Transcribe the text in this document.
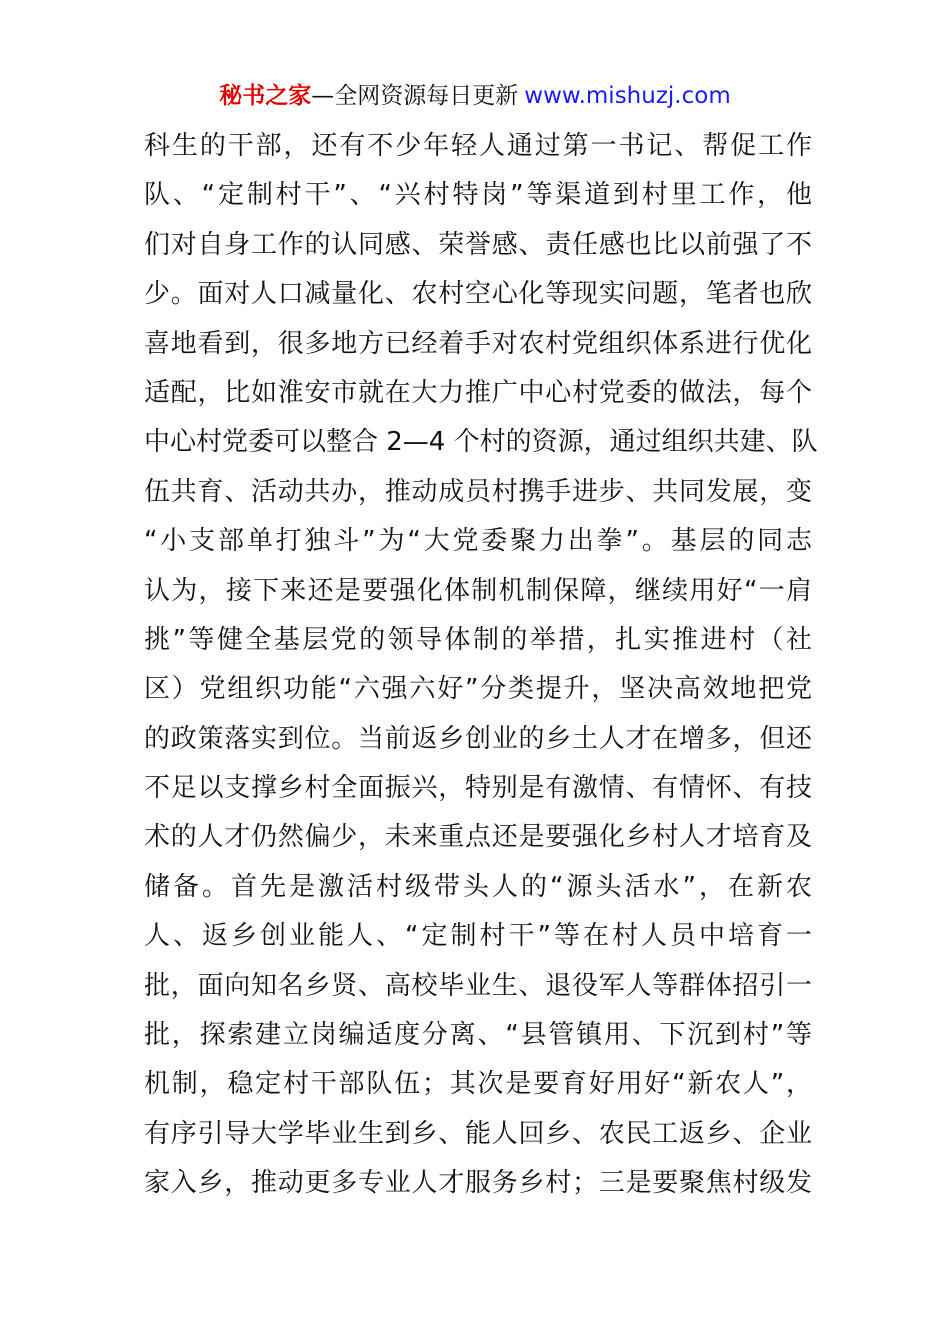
秘书之家—全网资源每日更新 www.mishuzj.com
科生的干部，还有不少年轻人通过第一书记、帮促工作
队、“定制村干”、“兴村特岗”等渠道到村里工作，他
们对自身工作的认同感、荣誉感、责任感也比以前强了不
少。面对人口减量化、农村空心化等现实问题，笔者也欣
喜地看到，很多地方已经着手对农村党组织体系进行优化
适配，比如淮安市就在大力推广中心村党委的做法，每个
中心村党委可以整合 2—4 个村的资源，通过组织共建、队
伍共育、活动共办，推动成员村携手进步、共同发展，变
“小支部单打独斗”为“大党委聚力出拳”。基层的同志
认为，接下来还是要强化体制机制保障，继续用好“一肩
挑”等健全基层党的领导体制的举措，扎实推进村（社
区）党组织功能“六强六好”分类提升，坚决高效地把党
的政策落实到位。当前返乡创业的乡土人才在增多，但还
不足以支撑乡村全面振兴，特别是有激情、有情怀、有技
术的人才仍然偏少，未来重点还是要强化乡村人才培育及
储备。首先是激活村级带头人的“源头活水”，在新农
人、返乡创业能人、“定制村干”等在村人员中培育一
批，面向知名乡贤、高校毕业生、退役军人等群体招引一
批，探索建立岗编适度分离、“县管镇用、下沉到村”等
机制，稳定村干部队伍；其次是要育好用好“新农人”，
有序引导大学毕业生到乡、能人回乡、农民工返乡、企业
家入乡，推动更多专业人才服务乡村；三是要聚焦村级发
